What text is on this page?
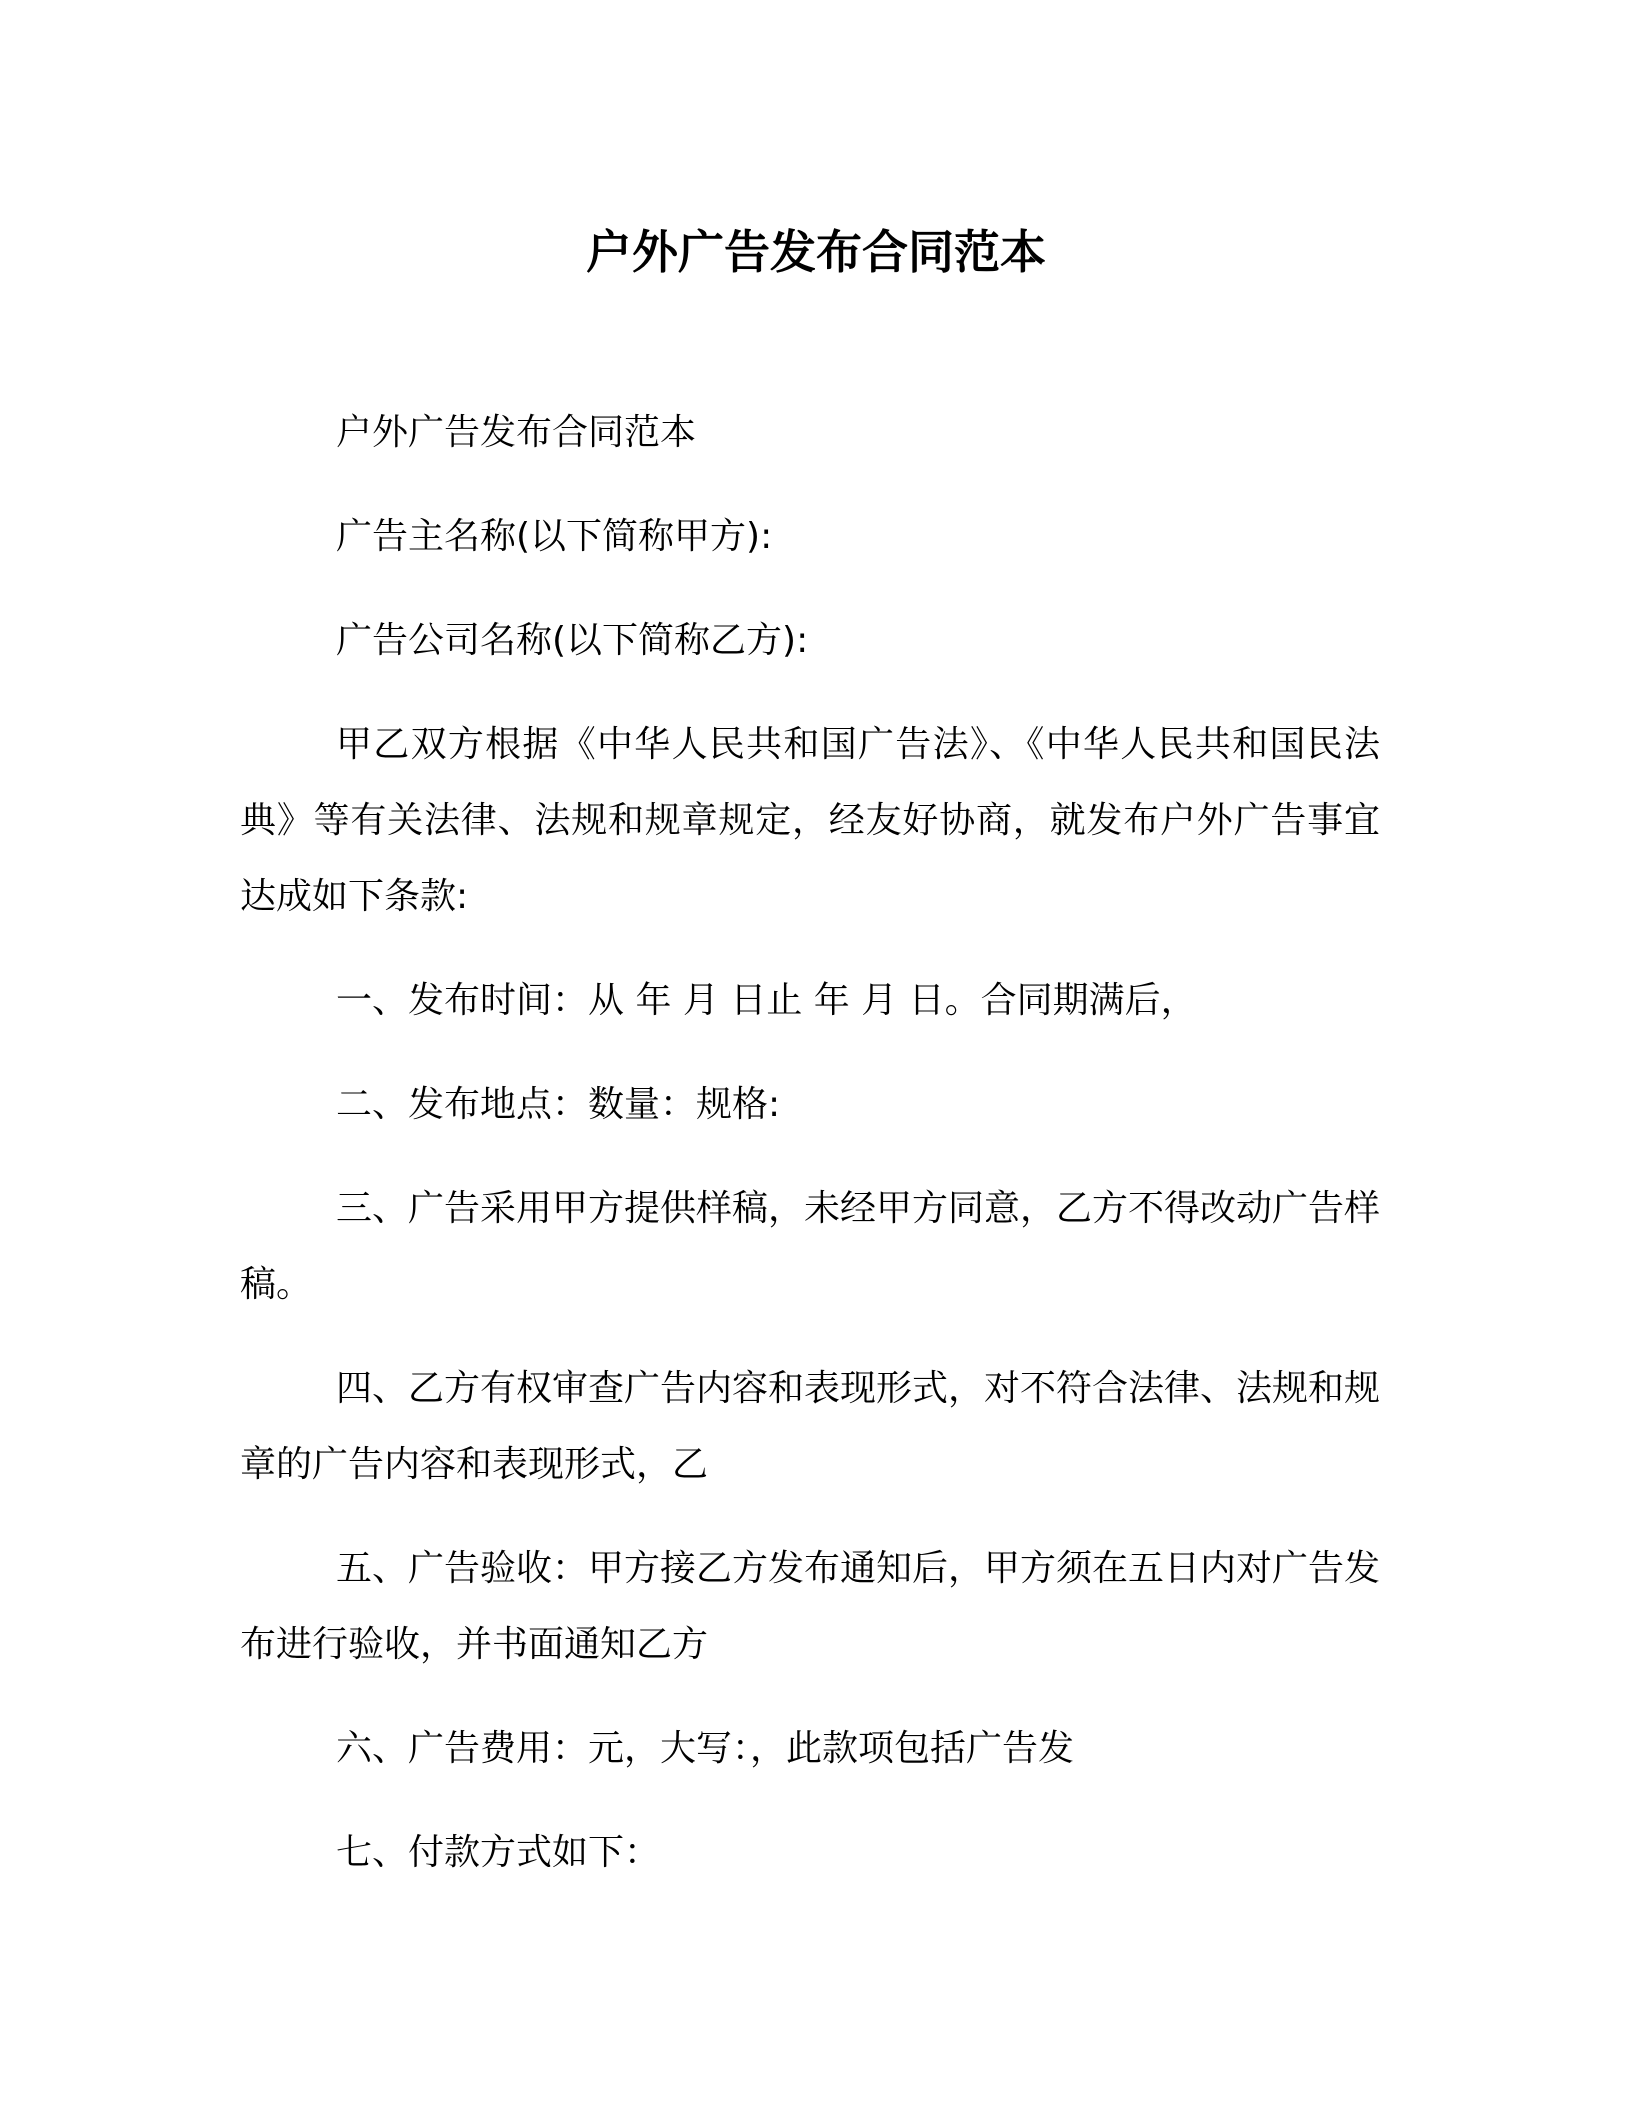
户外广告发布合同范本

户外广告发布合同范本

广告主名称(以下简称甲方):

广告公司名称(以下简称乙方):

甲乙双方根据《中华人民共和国广告法》、《中华人民共和国民法典》等有关法律、法规和规章规定，经友好协商，就发布户外广告事宜达成如下条款:

一、发布时间：从 年 月 日止 年 月 日。合同期满后，

二、发布地点：数量：规格:

三、广告采用甲方提供样稿，未经甲方同意，乙方不得改动广告样稿。

四、乙方有权审查广告内容和表现形式，对不符合法律、法规和规章的广告内容和表现形式，乙

五、广告验收：甲方接乙方发布通知后，甲方须在五日内对广告发布进行验收，并书面通知乙方

六、广告费用：元，大写：，此款项包括广告发

七、付款方式如下：
